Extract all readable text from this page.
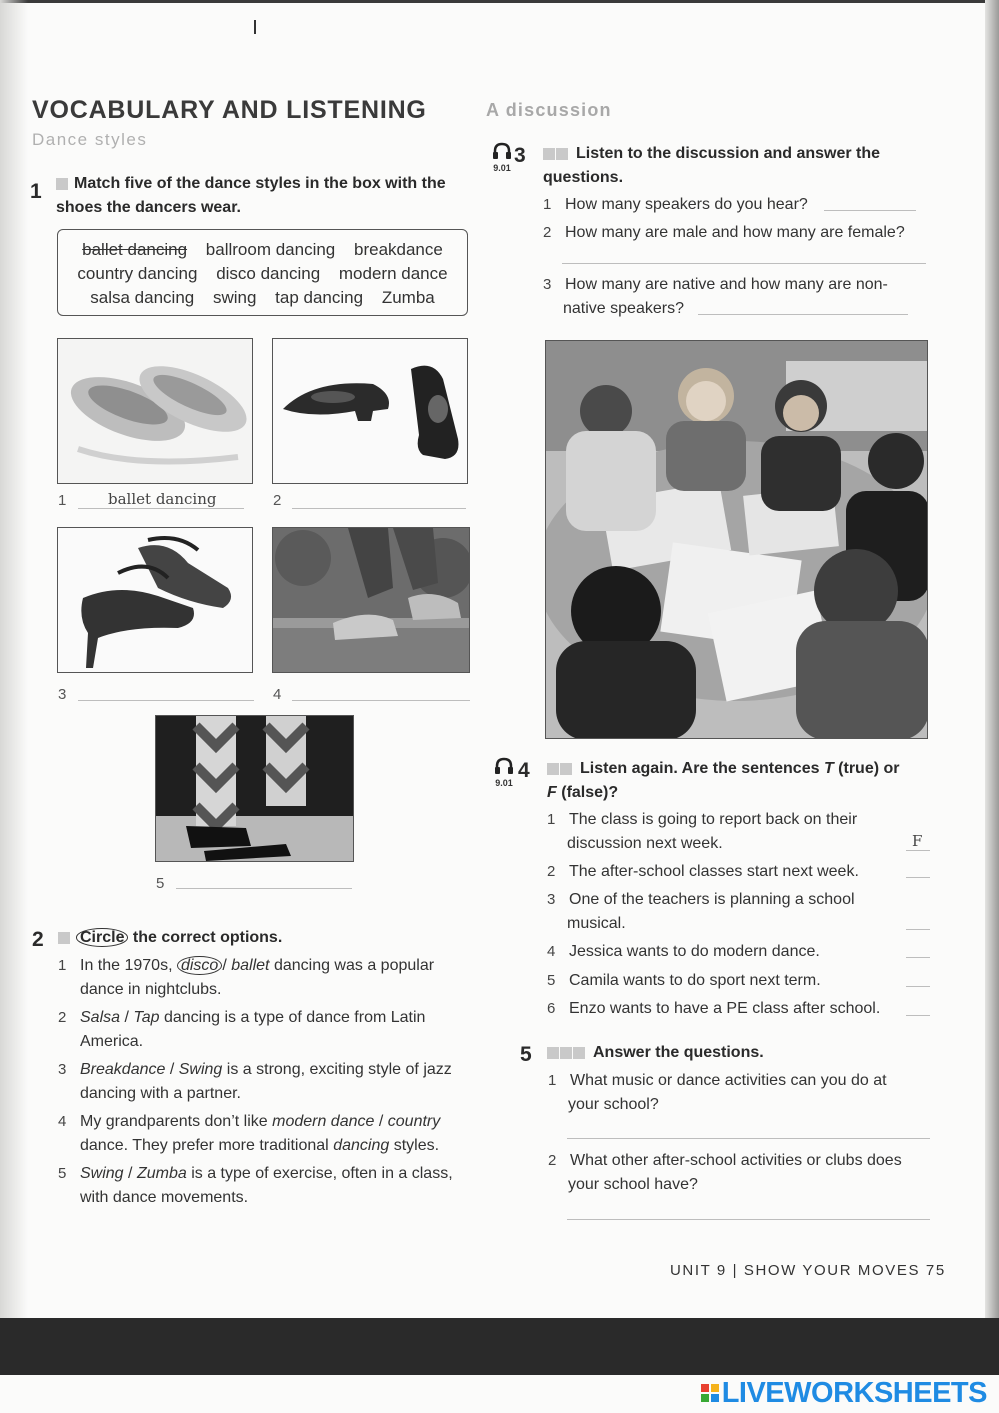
VOCABULARY AND LISTENING	A discussion
Dance styles
1	Match five of the dance styles in the box with the shoes the dancers wear.
ballet dancing ballroom dancing breakdance
country dancing disco dancing modern dance
salsa dancing swing tap dancing Zumba
1	ballet dancing	2
3	4
5
2	Circle the correct options.
1 In the 1970s, disco / ballet dancing was a popular dance in nightclubs.
2 Salsa / Tap dancing is a type of dance from Latin America.
3 Breakdance / Swing is a strong, exciting style of jazz dancing with a partner.
4 My grandparents don’t like modern dance / country dance. They prefer more traditional dancing styles.
5 Swing / Zumba is a type of exercise, often in a class, with dance movements.
9.01
3	Listen to the discussion and answer the
questions.
1 How many speakers do you hear?
2 How many are male and how many are female?
3 How many are native and how many are non-
native speakers?
9.01
4	Listen again. Are the sentences T (true) or
F (false)?
1 The class is going to report back on their
discussion next week.	F
2 The after-school classes start next week.
3 One of the teachers is planning a school
musical.
4 Jessica wants to do modern dance.
5 Camila wants to do sport next term.
6 Enzo wants to have a PE class after school.
5	Answer the questions.
1 What music or dance activities can you do at
your school?
2 What other after-school activities or clubs does
your school have?
UNIT 9 | SHOW YOUR MOVES 75
LIVEWORKSHEETS
